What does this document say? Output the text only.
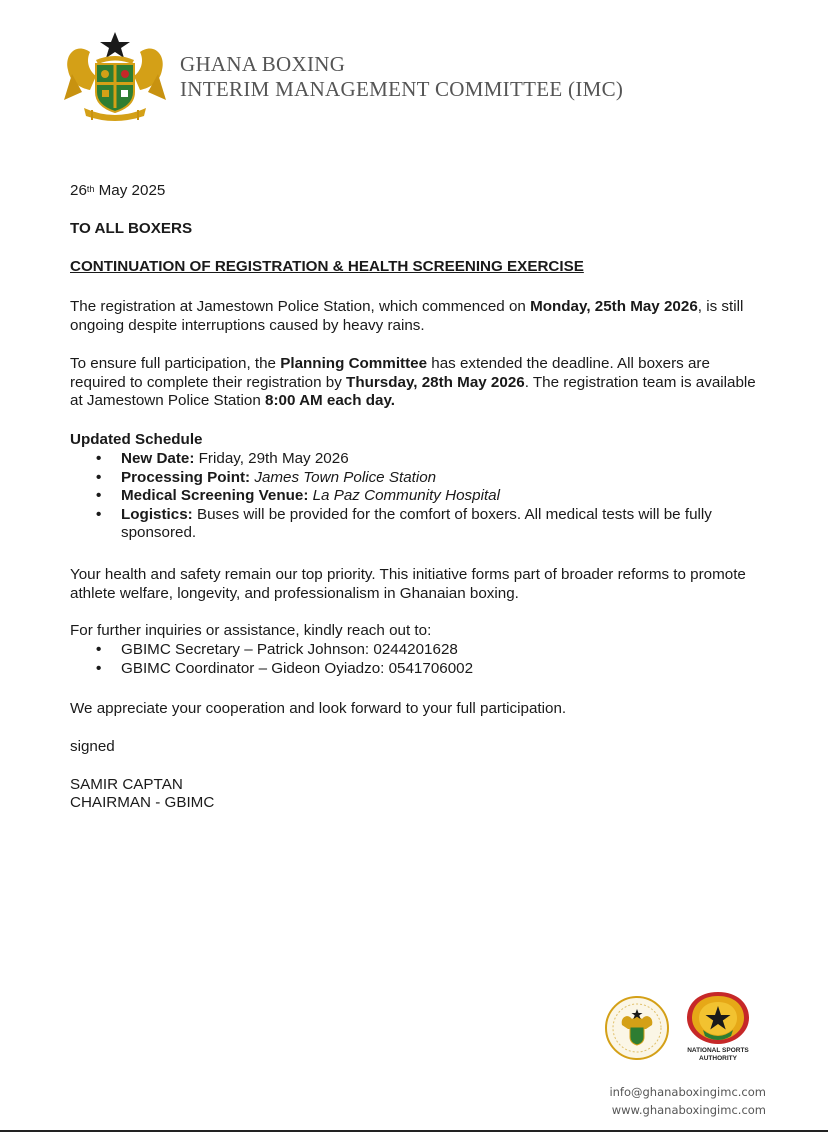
GHANA BOXING
INTERIM MANAGEMENT COMMITTEE (IMC)
26th May 2025
TO ALL BOXERS
CONTINUATION OF REGISTRATION & HEALTH SCREENING EXERCISE
The registration at Jamestown Police Station, which commenced on Monday, 25th May 2026, is still ongoing despite interruptions caused by heavy rains.
To ensure full participation, the Planning Committee has extended the deadline. All boxers are required to complete their registration by Thursday, 28th May 2026. The registration team is available at Jamestown Police Station 8:00 AM each day.
Updated Schedule
• New Date: Friday, 29th May 2026
• Processing Point: James Town Police Station
• Medical Screening Venue: La Paz Community Hospital
• Logistics: Buses will be provided for the comfort of boxers. All medical tests will be fully sponsored.
Your health and safety remain our top priority. This initiative forms part of broader reforms to promote athlete welfare, longevity, and professionalism in Ghanaian boxing.
For further inquiries or assistance, kindly reach out to:
• GBIMC Secretary – Patrick Johnson: 0244201628
• GBIMC Coordinator – Gideon Oyiadzo: 0541706002
We appreciate your cooperation and look forward to your full participation.
signed
SAMIR CAPTAN
CHAIRMAN - GBIMC
NATIONAL SPORTS
AUTHORITY
info@ghanaboxingimc.com
www.ghanaboxingimc.com
